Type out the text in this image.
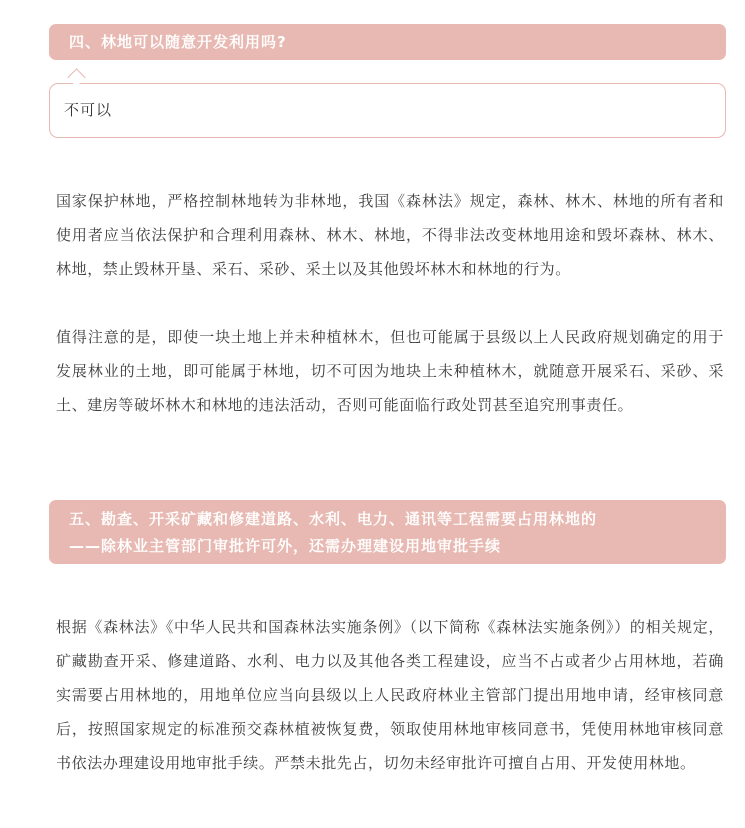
四、林地可以随意开发利用吗?
不可以

国家保护林地，严格控制林地转为非林地，我国《森林法》规定，森林、林木、林地的所有者和使用者应当依法保护和合理利用森林、林木、林地，不得非法改变林地用途和毁坏森林、林木、林地，禁止毁林开垦、采石、采砂、采土以及其他毁坏林木和林地的行为。

值得注意的是，即使一块土地上并未种植林木，但也可能属于县级以上人民政府规划确定的用于发展林业的土地，即可能属于林地，切不可因为地块上未种植林木，就随意开展采石、采砂、采土、建房等破坏林木和林地的违法活动，否则可能面临行政处罚甚至追究刑事责任。

五、勘查、开采矿藏和修建道路、水利、电力、通讯等工程需要占用林地的
——除林业主管部门审批许可外，还需办理建设用地审批手续

根据《森林法》《中华人民共和国森林法实施条例》（以下简称《森林法实施条例》）的相关规定，矿藏勘查开采、修建道路、水利、电力以及其他各类工程建设，应当不占或者少占用林地，若确实需要占用林地的，用地单位应当向县级以上人民政府林业主管部门提出用地申请，经审核同意后，按照国家规定的标准预交森林植被恢复费，领取使用林地审核同意书，凭使用林地审核同意书依法办理建设用地审批手续。严禁未批先占，切勿未经审批许可擅自占用、开发使用林地。
